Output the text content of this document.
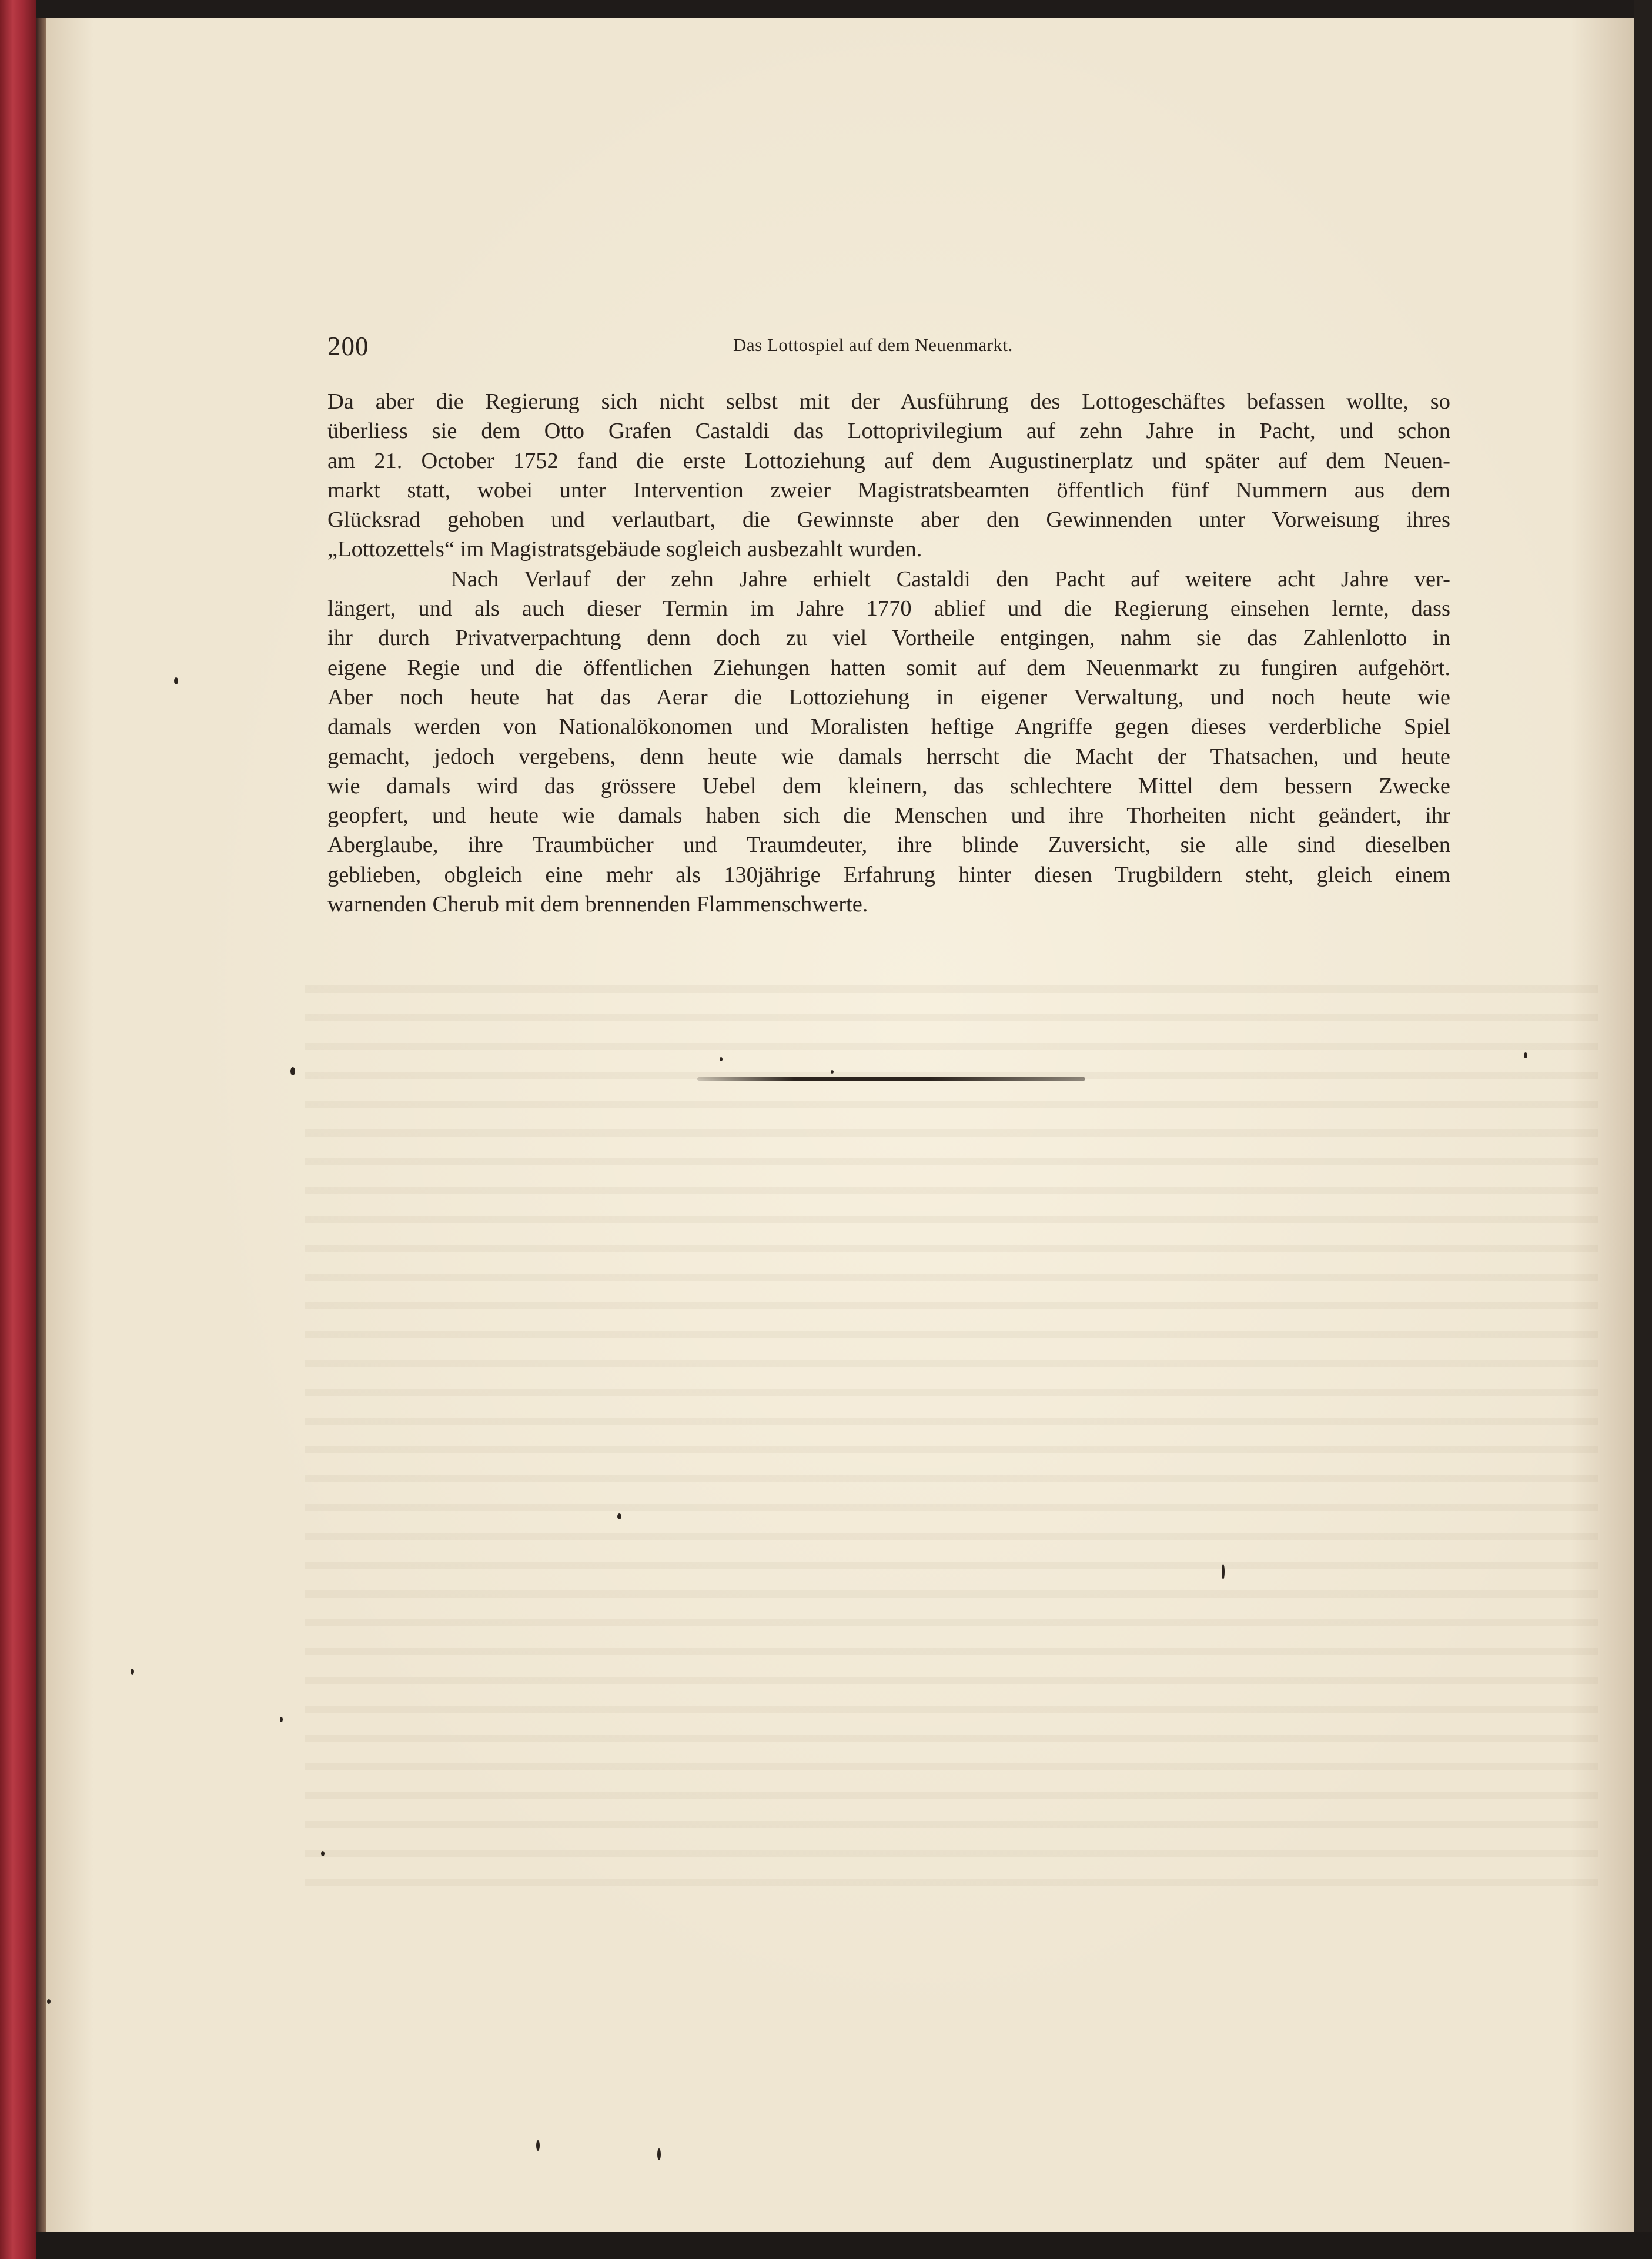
200	Das Lottospiel auf dem Neuenmarkt.
Da aber die Regierung sich nicht selbst mit der Ausführung des Lottogeschäftes befassen wollte, so
überliess sie dem Otto Grafen Castaldi das Lottoprivilegium auf zehn Jahre in Pacht, und schon
am 21. October 1752 fand die erste Lottoziehung auf dem Augustinerplatz und später auf dem Neuen-
markt statt, wobei unter Intervention zweier Magistratsbeamten öffentlich fünf Nummern aus dem
Glücksrad gehoben und verlautbart, die Gewinnste aber den Gewinnenden unter Vorweisung ihres
„Lottozettels“ im Magistratsgebäude sogleich ausbezahlt wurden.
Nach Verlauf der zehn Jahre erhielt Castaldi den Pacht auf weitere acht Jahre ver-
längert, und als auch dieser Termin im Jahre 1770 ablief und die Regierung einsehen lernte, dass
ihr durch Privatverpachtung denn doch zu viel Vortheile entgingen, nahm sie das Zahlenlotto in
eigene Regie und die öffentlichen Ziehungen hatten somit auf dem Neuenmarkt zu fungiren aufgehört.
Aber noch heute hat das Aerar die Lottoziehung in eigener Verwaltung, und noch heute wie
damals werden von Nationalökonomen und Moralisten heftige Angriffe gegen dieses verderbliche Spiel
gemacht, jedoch vergebens, denn heute wie damals herrscht die Macht der Thatsachen, und heute
wie damals wird das grössere Uebel dem kleinern, das schlechtere Mittel dem bessern Zwecke
geopfert, und heute wie damals haben sich die Menschen und ihre Thorheiten nicht geändert, ihr
Aberglaube, ihre Traumbücher und Traumdeuter, ihre blinde Zuversicht, sie alle sind dieselben
geblieben, obgleich eine mehr als 130jährige Erfahrung hinter diesen Trugbildern steht, gleich einem
warnenden Cherub mit dem brennenden Flammenschwerte.
